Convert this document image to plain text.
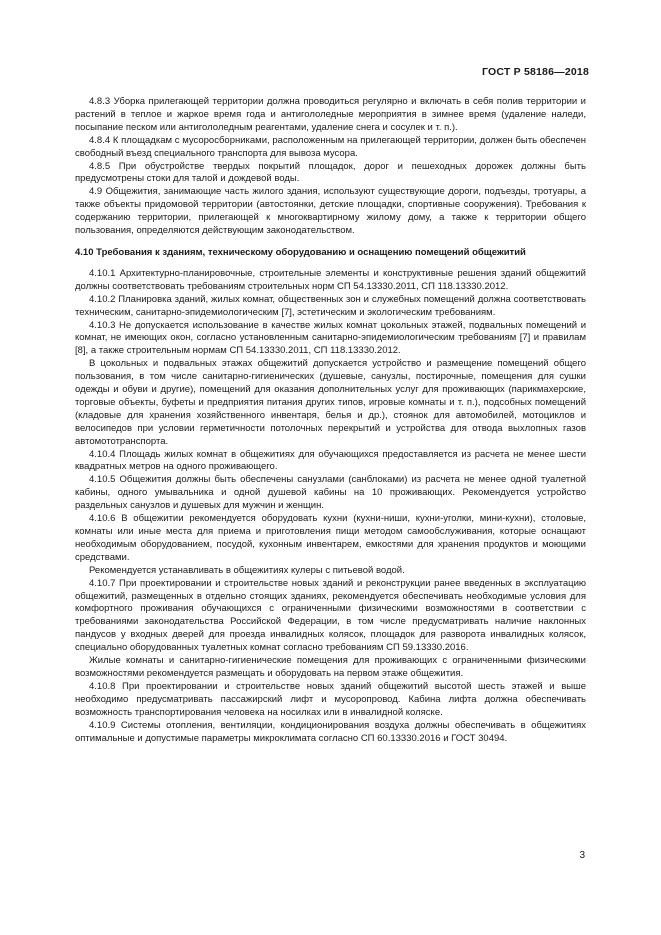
ГОСТ Р 58186—2018

4.8.3 Уборка прилегающей территории должна проводиться регулярно и включать в себя полив территории и растений в теплое и жаркое время года и антигололедные мероприятия в зимнее время (удаление наледи, посыпание песком или антигололедным реагентами, удаление снега и сосулек и т. п.).

4.8.4 К площадкам с мусоросборниками, расположенным на прилегающей территории, должен быть обеспечен свободный въезд специального транспорта для вывоза мусора.

4.8.5 При обустройстве твердых покрытий площадок, дорог и пешеходных дорожек должны быть предусмотрены стоки для талой и дождевой воды.

4.9 Общежития, занимающие часть жилого здания, используют существующие дороги, подъезды, тротуары, а также объекты придомовой территории (автостоянки, детские площадки, спортивные сооружения). Требования к содержанию территории, прилегающей к многоквартирному жилому дому, а также к территории общего пользования, определяются действующим законодательством.

4.10 Требования к зданиям, техническому оборудованию и оснащению помещений общежитий

4.10.1 Архитектурно-планировочные, строительные элементы и конструктивные решения зданий общежитий должны соответствовать требованиям строительных норм СП 54.13330.2011, СП 118.13330.2012.

4.10.2 Планировка зданий, жилых комнат, общественных зон и служебных помещений должна соответствовать техническим, санитарно-эпидемиологическим [7], эстетическим и экологическим требованиям.

4.10.3 Не допускается использование в качестве жилых комнат цокольных этажей, подвальных помещений и комнат, не имеющих окон, согласно установленным санитарно-эпидемиологическим требованиям [7] и правилам [8], а также строительным нормам СП 54.13330.2011, СП 118.13330.2012.

В цокольных и подвальных этажах общежитий допускается устройство и размещение помещений общего пользования, в том числе санитарно-гигиенических (душевые, санузлы, постирочные, помещения для сушки одежды и обуви и другие), помещений для оказания дополнительных услуг для проживающих (парикмахерские, торговые объекты, буфеты и предприятия питания других типов, игровые комнаты и т. п.), подсобных помещений (кладовые для хранения хозяйственного инвентаря, белья и др.), стоянок для автомобилей, мотоциклов и велосипедов при условии герметичности потолочных перекрытий и устройства для отвода выхлопных газов автомототранспорта.

4.10.4 Площадь жилых комнат в общежитиях для обучающихся предоставляется из расчета не менее шести квадратных метров на одного проживающего.

4.10.5 Общежития должны быть обеспечены санузлами (санблоками) из расчета не менее одной туалетной кабины, одного умывальника и одной душевой кабины на 10 проживающих. Рекомендуется устройство раздельных санузлов и душевых для мужчин и женщин.

4.10.6 В общежитии рекомендуется оборудовать кухни (кухни-ниши, кухни-уголки, мини-кухни), столовые, комнаты или иные места для приема и приготовления пищи методом самообслуживания, которые оснащают необходимым оборудованием, посудой, кухонным инвентарем, емкостями для хранения продуктов и моющими средствами.

Рекомендуется устанавливать в общежитиях кулеры с питьевой водой.

4.10.7 При проектировании и строительстве новых зданий и реконструкции ранее введенных в эксплуатацию общежитий, размещенных в отдельно стоящих зданиях, рекомендуется обеспечивать необходимые условия для комфортного проживания обучающихся с ограниченными физическими возможностями в соответствии с требованиями законодательства Российской Федерации, в том числе предусматривать наличие наклонных пандусов у входных дверей для проезда инвалидных колясок, площадок для разворота инвалидных колясок, специально оборудованных туалетных комнат согласно требованиям СП 59.13330.2016.

Жилые комнаты и санитарно-гигиенические помещения для проживающих с ограниченными физическими возможностями рекомендуется размещать и оборудовать на первом этаже общежития.

4.10.8 При проектировании и строительстве новых зданий общежитий высотой шесть этажей и выше необходимо предусматривать пассажирский лифт и мусоропровод. Кабина лифта должна обеспечивать возможность транспортирования человека на носилках или в инвалидной коляске.

4.10.9 Системы отопления, вентиляции, кондиционирования воздуха должны обеспечивать в общежитиях оптимальные и допустимые параметры микроклимата согласно СП 60.13330.2016 и ГОСТ 30494.

3
